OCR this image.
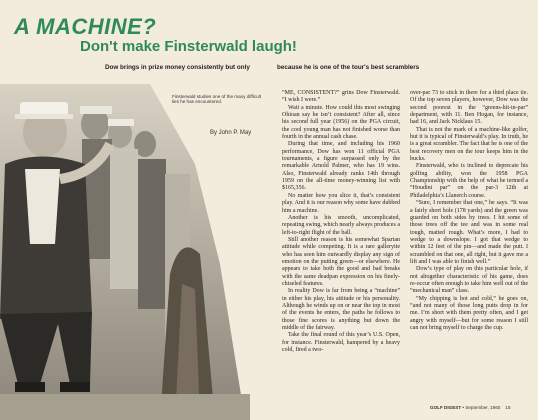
A MACHINE?
Don't make Finsterwald laugh!
Dow brings in prize money consistently but only	because he is one of the tour's best scramblers
Finsterwald studies one of the many difficult lies he has encountered.
By John P. May

“ME, CONSISTENT?” grins Dow Finsterwald. “I wish I were.”

Wait a minute. How could this most swinging Ohioan say he isn’t consistent? After all, since his second full year (1956) on the PGA circuit, the cool young man has not finished worse than fourth in the annual cash chase.

During that time, and including his 1960 performance, Dow has won 11 official PGA tournaments, a figure surpassed only by the remarkable Arnold Palmer, who has 19 wins. Also, Finsterwald already ranks 14th through 1959 on the all-time money-winning list with $165,356.

No matter how you slice it, that’s consistent play. And it is our reason why some have dubbed him a machine.

Another is his smooth, uncomplicated, repeating swing, which nearly always produces a left-to-right flight of the ball.

Still another reason is his somewhat Spartan attitude while competing. It is a rare galleryite who has seen him outwardly display any sign of emotion on the putting green—or elsewhere. He appears to take both the good and bad breaks with the same deadpan expression on his finely-chiseled features.

In reality Dow is far from being a “machine” in either his play, his attitude or his personality. Although he winds up on or near the top in most of the events he enters, the paths he follows to those fine scores is anything but down the middle of the fairway.

Take the final round of this year’s U.S. Open, for instance. Finsterwald, hampered by a heavy cold, fired a two-

over-par 73 to stick in there for a third place tie. Of the top seven players, however, Dow was the second poorest in the “greens-hit-in-par” department, with 11. Ben Hogan, for instance, had 16, and Jack Nicklaus 15.

That is not the mark of a machine-like golfer, but it is typical of Finsterwald’s play. In truth, he is a great scrambler. The fact that he is one of the best recovery men on the tour keeps him in the bucks.

Finsterwald, who is inclined to deprecate his golfing ability, won the 1958 PGA Championship with the help of what he termed a “Houdini par” on the par-3 12th at Philadelphia’s Llanerch course.

“Sure, I remember that one,” he says. “It was a fairly short hole (178 yards) and the green was guarded on both sides by trees. I hit some of those trees off the tee and was in some real tough, matted rough. What’s more, I had to wedge to a downslope. I got that wedge to within 12 feet of the pin—and made the putt. I scrambled on that one, all right, but it gave me a lift and I was able to finish well.”

Dow’s type of play on this particular hole, if not altogether characteristic of his game, does re-occur often enough to take him well out of the “mechanical man” class.

“My chipping is hot and cold,” he goes on, “and not many of those long putts drop in for me. I’m short with them pretty often, and I get angry with myself—but for some reason I still can not bring myself to charge the cup.

GOLF DIGEST • September, 1960 15
